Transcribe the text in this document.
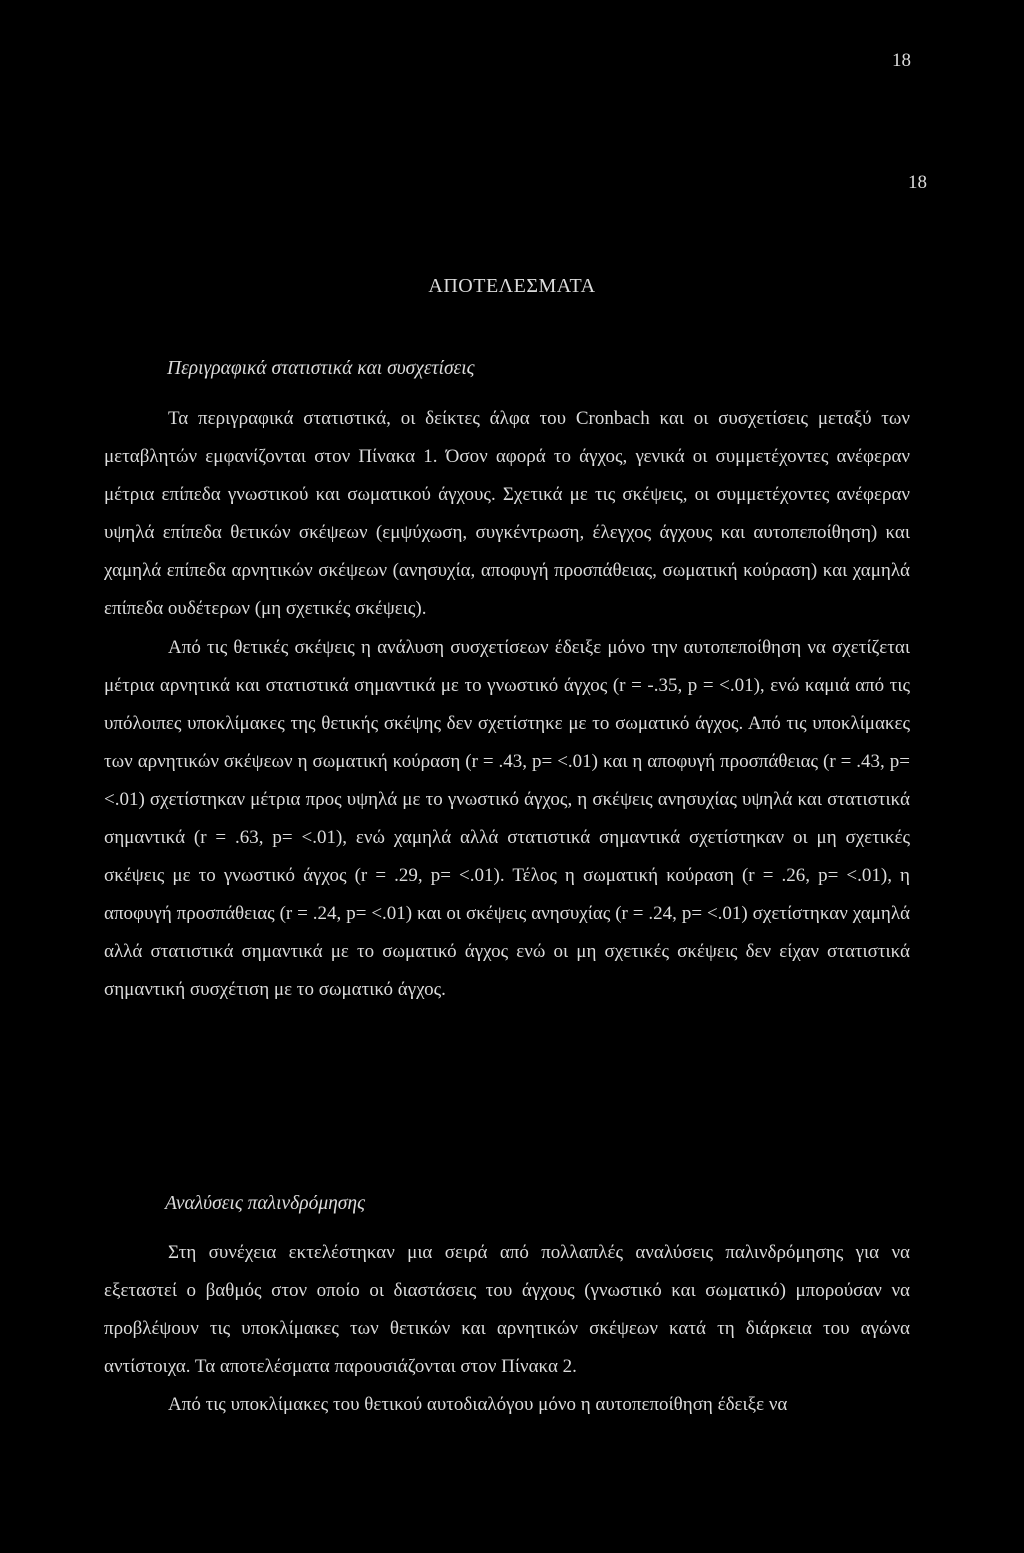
18
18
ΑΠΟΤΕΛΕΣΜΑΤΑ
Περιγραφικά στατιστικά και συσχετίσεις

Τα περιγραφικά στατιστικά, οι δείκτες άλφα του Cronbach και οι συσχετίσεις μεταξύ των μεταβλητών εμφανίζονται στον Πίνακα 1. Όσον αφορά το άγχος, γενικά οι συμμετέχοντες ανέφεραν μέτρια επίπεδα γνωστικού και σωματικού άγχους. Σχετικά με τις σκέψεις, οι συμμετέχοντες ανέφεραν υψηλά επίπεδα θετικών σκέψεων (εμψύχωση, συγκέντρωση, έλεγχος άγχους και αυτοπεποίθηση) και χαμηλά επίπεδα αρνητικών σκέψεων (ανησυχία, αποφυγή προσπάθειας, σωματική κούραση) και χαμηλά επίπεδα ουδέτερων (μη σχετικές σκέψεις).

Από τις θετικές σκέψεις η ανάλυση συσχετίσεων έδειξε μόνο την αυτοπεποίθηση να σχετίζεται μέτρια αρνητικά και στατιστικά σημαντικά με το γνωστικό άγχος (r = -.35, p = <.01), ενώ καμιά από τις υπόλοιπες υποκλίμακες της θετικής σκέψης δεν σχετίστηκε με το σωματικό άγχος. Από τις υποκλίμακες των αρνητικών σκέψεων η σωματική κούραση (r = .43, p= <.01) και η αποφυγή προσπάθειας (r = .43, p= <.01) σχετίστηκαν μέτρια προς υψηλά με το γνωστικό άγχος, η σκέψεις ανησυχίας υψηλά και στατιστικά σημαντικά (r = .63, p= <.01), ενώ χαμηλά αλλά στατιστικά σημαντικά σχετίστηκαν οι μη σχετικές σκέψεις με το γνωστικό άγχος (r = .29, p= <.01). Τέλος η σωματική κούραση (r = .26, p= <.01), η αποφυγή προσπάθειας (r = .24, p= <.01) και οι σκέψεις ανησυχίας (r = .24, p= <.01) σχετίστηκαν χαμηλά αλλά στατιστικά σημαντικά με το σωματικό άγχος ενώ οι μη σχετικές σκέψεις δεν είχαν στατιστικά σημαντική συσχέτιση με το σωματικό άγχος.

Αναλύσεις παλινδρόμησης

Στη συνέχεια εκτελέστηκαν μια σειρά από πολλαπλές αναλύσεις παλινδρόμησης για να εξεταστεί ο βαθμός στον οποίο οι διαστάσεις του άγχους (γνωστικό και σωματικό) μπορούσαν να προβλέψουν τις υποκλίμακες των θετικών και αρνητικών σκέψεων κατά τη διάρκεια του αγώνα αντίστοιχα. Τα αποτελέσματα παρουσιάζονται στον Πίνακα 2.

Από τις υποκλίμακες του θετικού αυτοδιαλόγου μόνο η αυτοπεποίθηση έδειξε να
